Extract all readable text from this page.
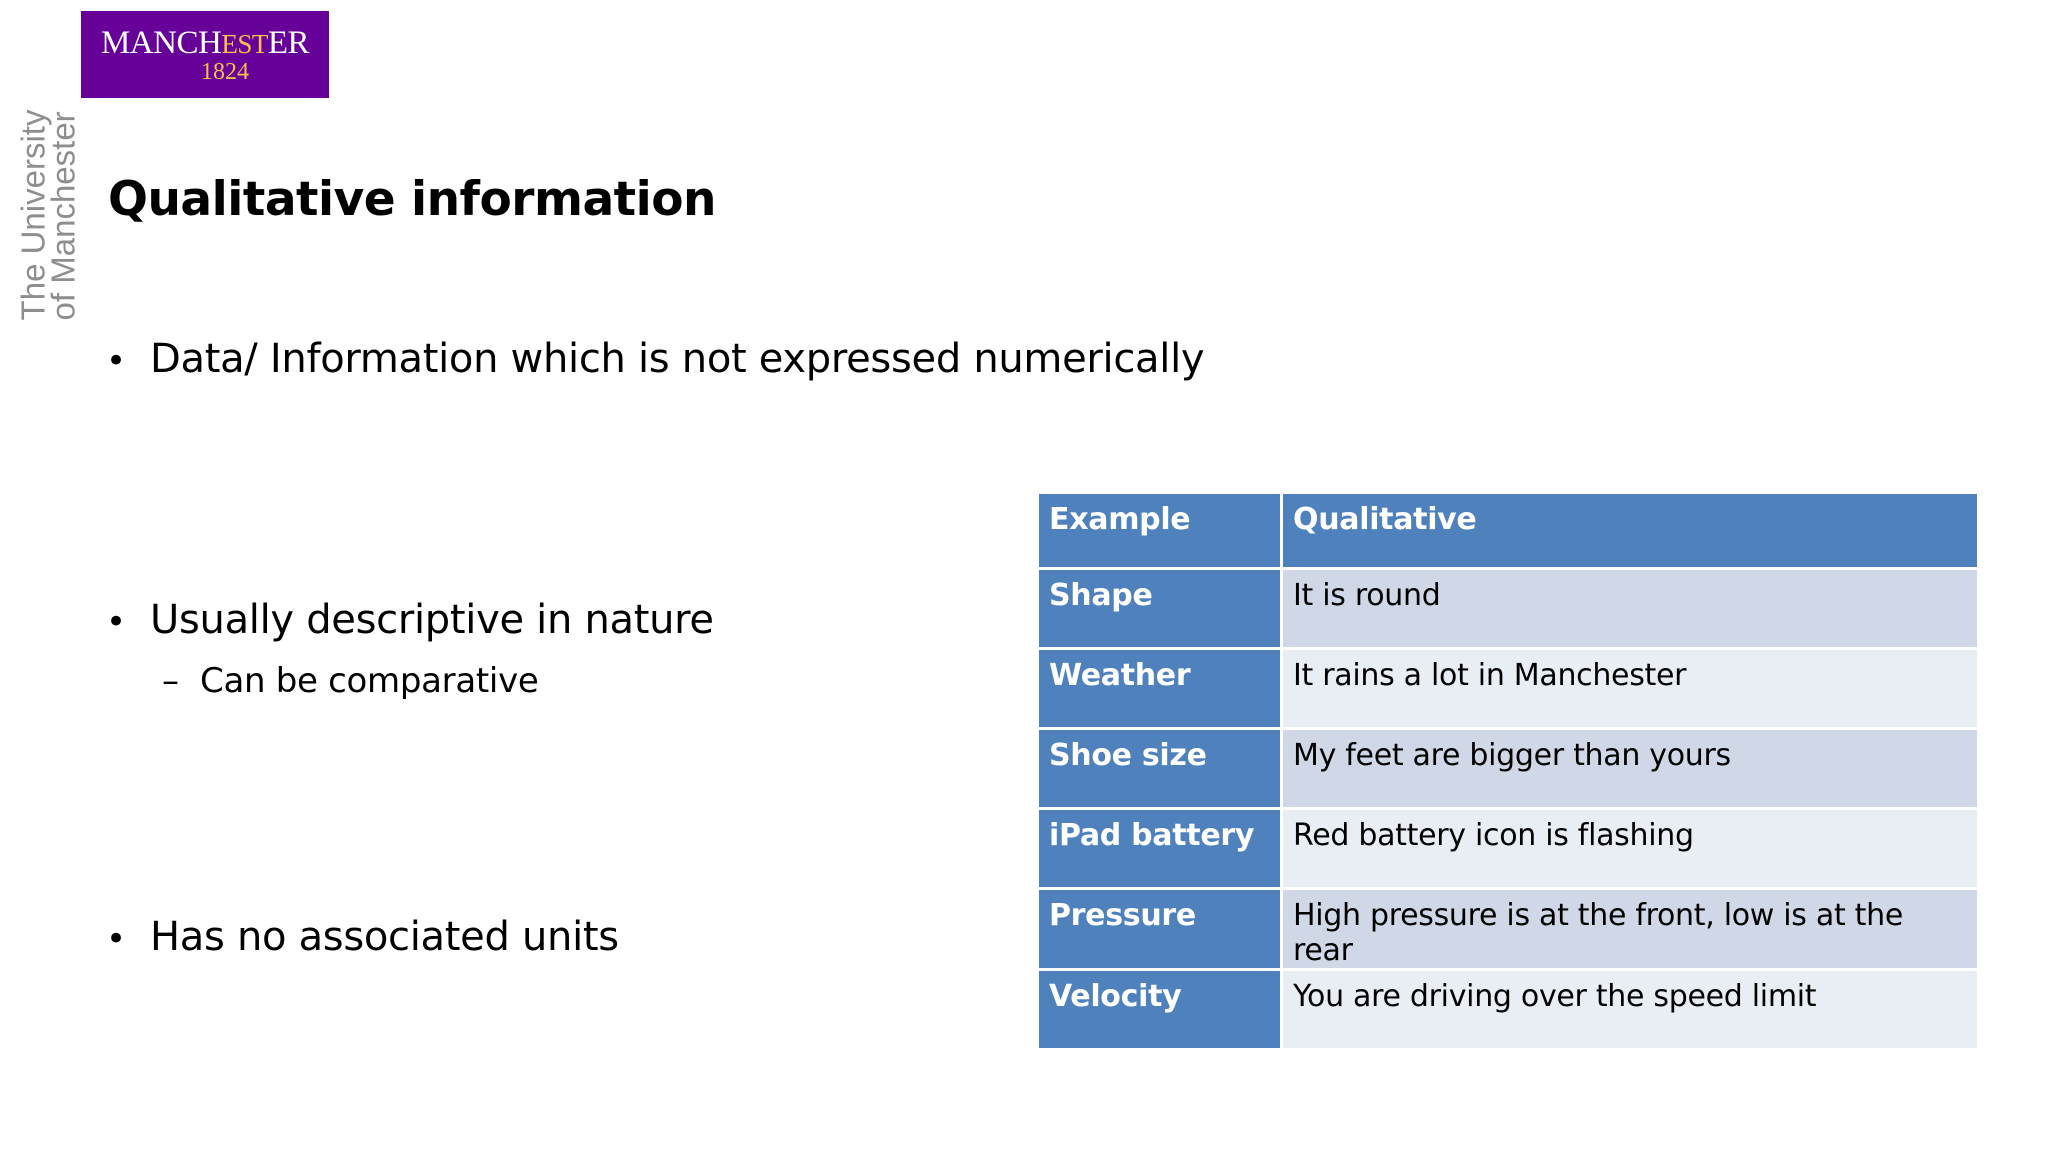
MANCHESTER
1824
The University
of Manchester Qualitative information
• Data/ Information which is not expressed numerically
• Usually descriptive in nature
– Can be comparative
• Has no associated units
Example	Qualitative
Shape	It is round
Weather	It rains a lot in Manchester
Shoe size	My feet are bigger than yours
iPad battery	Red battery icon is flashing
Pressure	High pressure is at the front, low is at the rear
Velocity	You are driving over the speed limit
